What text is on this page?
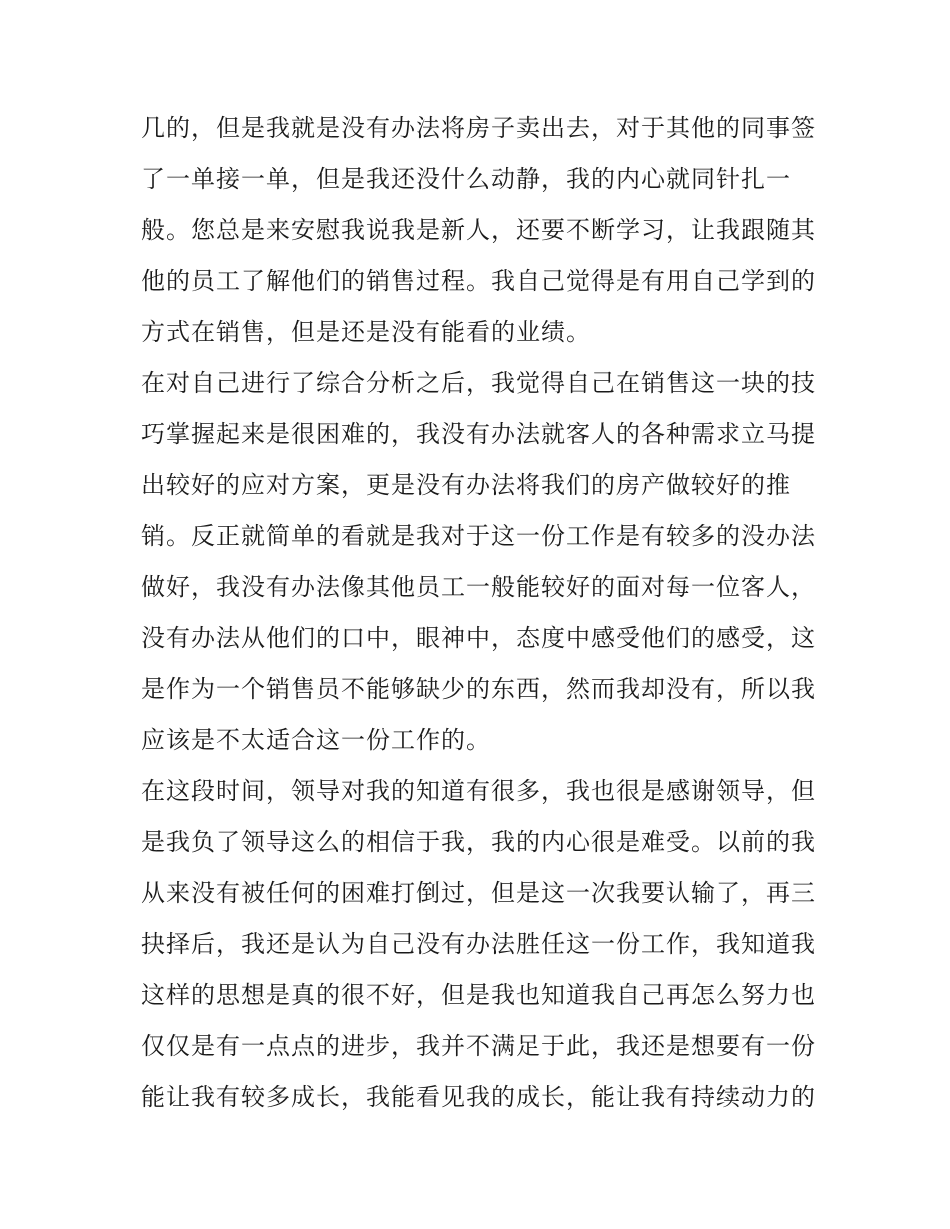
几的，但是我就是没有办法将房子卖出去，对于其他的同事签
了一单接一单，但是我还没什么动静，我的内心就同针扎一
般。您总是来安慰我说我是新人，还要不断学习，让我跟随其
他的员工了解他们的销售过程。我自己觉得是有用自己学到的
方式在销售，但是还是没有能看的业绩。
在对自己进行了综合分析之后，我觉得自己在销售这一块的技
巧掌握起来是很困难的，我没有办法就客人的各种需求立马提
出较好的应对方案，更是没有办法将我们的房产做较好的推
销。反正就简单的看就是我对于这一份工作是有较多的没办法
做好，我没有办法像其他员工一般能较好的面对每一位客人，
没有办法从他们的口中，眼神中，态度中感受他们的感受，这
是作为一个销售员不能够缺少的东西，然而我却没有，所以我
应该是不太适合这一份工作的。
在这段时间，领导对我的知道有很多，我也很是感谢领导，但
是我负了领导这么的相信于我，我的内心很是难受。以前的我
从来没有被任何的困难打倒过，但是这一次我要认输了，再三
抉择后，我还是认为自己没有办法胜任这一份工作，我知道我
这样的思想是真的很不好，但是我也知道我自己再怎么努力也
仅仅是有一点点的进步，我并不满足于此，我还是想要有一份
能让我有较多成长，我能看见我的成长，能让我有持续动力的
